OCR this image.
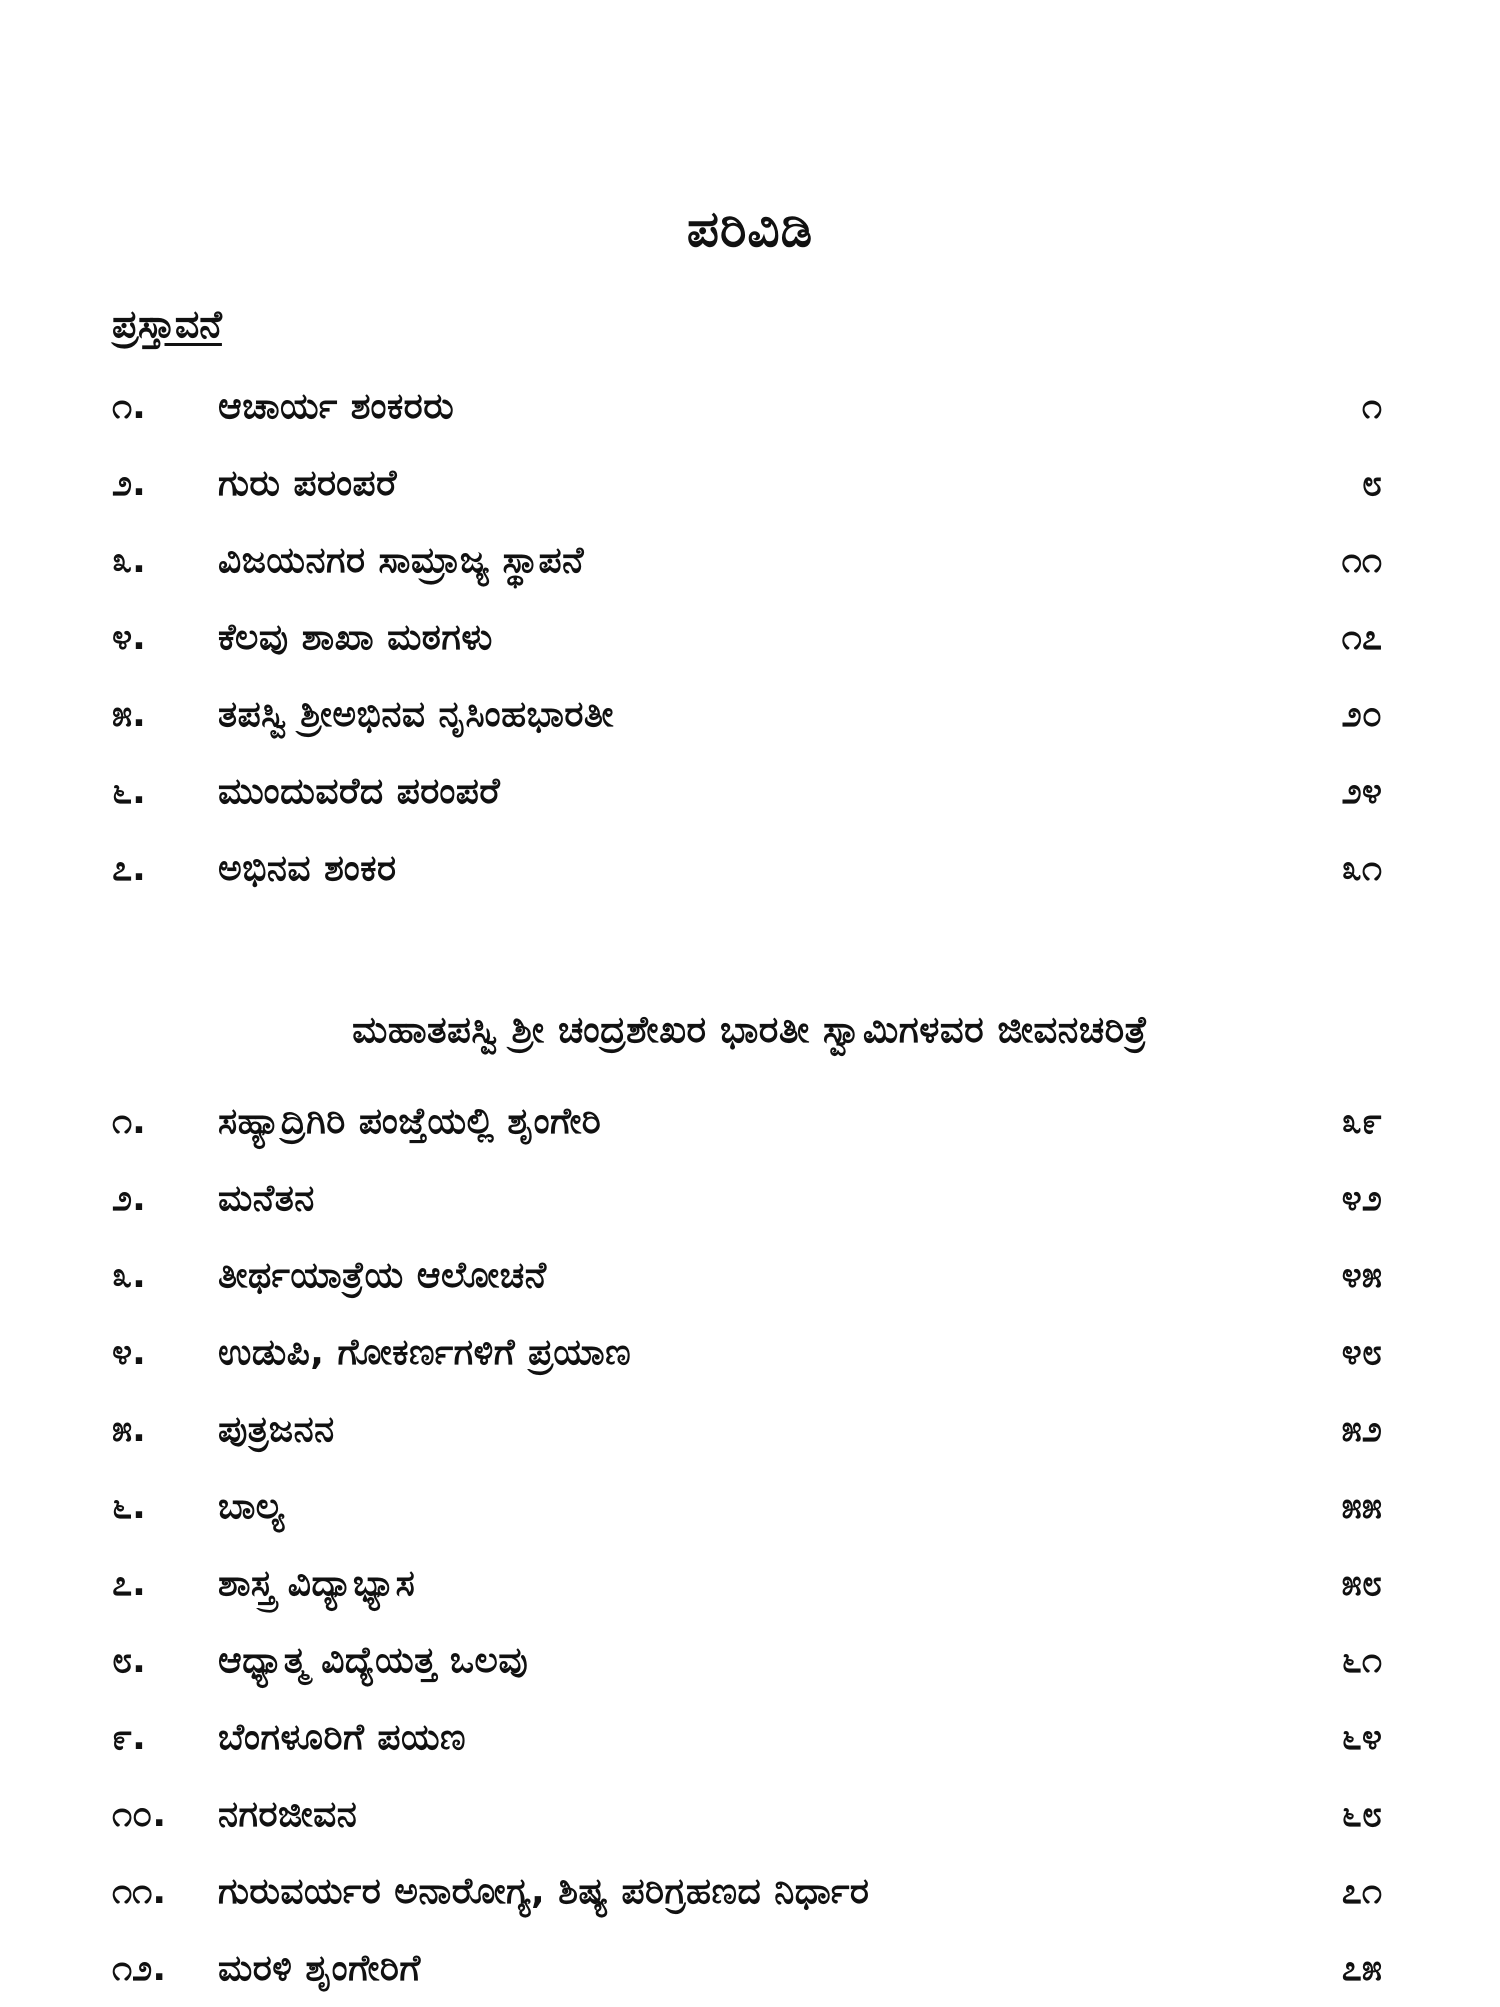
ಪರಿವಿಡಿ
ಪ್ರಸ್ತಾವನೆ
೧. ಆಚಾರ್ಯ ಶಂಕರರು	೧
೨. ಗುರು ಪರಂಪರೆ	೮
೩. ವಿಜಯನಗರ ಸಾಮ್ರಾಜ್ಯ ಸ್ಥಾಪನೆ	೧೧
೪. ಕೆಲವು ಶಾಖಾ ಮಠಗಳು	೧೭
೫. ತಪಸ್ವಿ ಶ್ರೀಅಭಿನವ ನೃಸಿಂಹಭಾರತೀ	೨೦
೬. ಮುಂದುವರೆದ ಪರಂಪರೆ	೨೪
೭. ಅಭಿನವ ಶಂಕರ	೩೧
ಮಹಾತಪಸ್ವಿ ಶ್ರೀ ಚಂದ್ರಶೇಖರ ಭಾರತೀ ಸ್ವಾಮಿಗಳವರ ಜೀವನಚರಿತ್ರೆ
೧. ಸಹ್ಯಾದ್ರಿಗಿರಿ ಪಂಜ್ತೆಯಲ್ಲಿ ಶೃಂಗೇರಿ	೩೯
೨. ಮನೆತನ	೪೨
೩. ತೀರ್ಥಯಾತ್ರೆಯ ಆಲೋಚನೆ	೪೫
೪. ಉಡುಪಿ, ಗೋಕರ್ಣಗಳಿಗೆ ಪ್ರಯಾಣ	೪೮
೫. ಪುತ್ರಜನನ	೫೨
೬. ಬಾಲ್ಯ	೫೫
೭. ಶಾಸ್ತ್ರ ವಿದ್ಯಾಭ್ಯಾಸ	೫೮
೮. ಆಧ್ಯಾತ್ಮ ವಿದ್ಯೆಯತ್ತ ಒಲವು	೬೧
೯. ಬೆಂಗಳೂರಿಗೆ ಪಯಣ	೬೪
೧೦. ನಗರಜೀವನ	೬೮
೧೧. ಗುರುವರ್ಯರ ಅನಾರೋಗ್ಯ, ಶಿಷ್ಯ ಪರಿಗ್ರಹಣದ ನಿರ್ಧಾರ	೭೧
೧೨. ಮರಳಿ ಶೃಂಗೇರಿಗೆ	೭೫
